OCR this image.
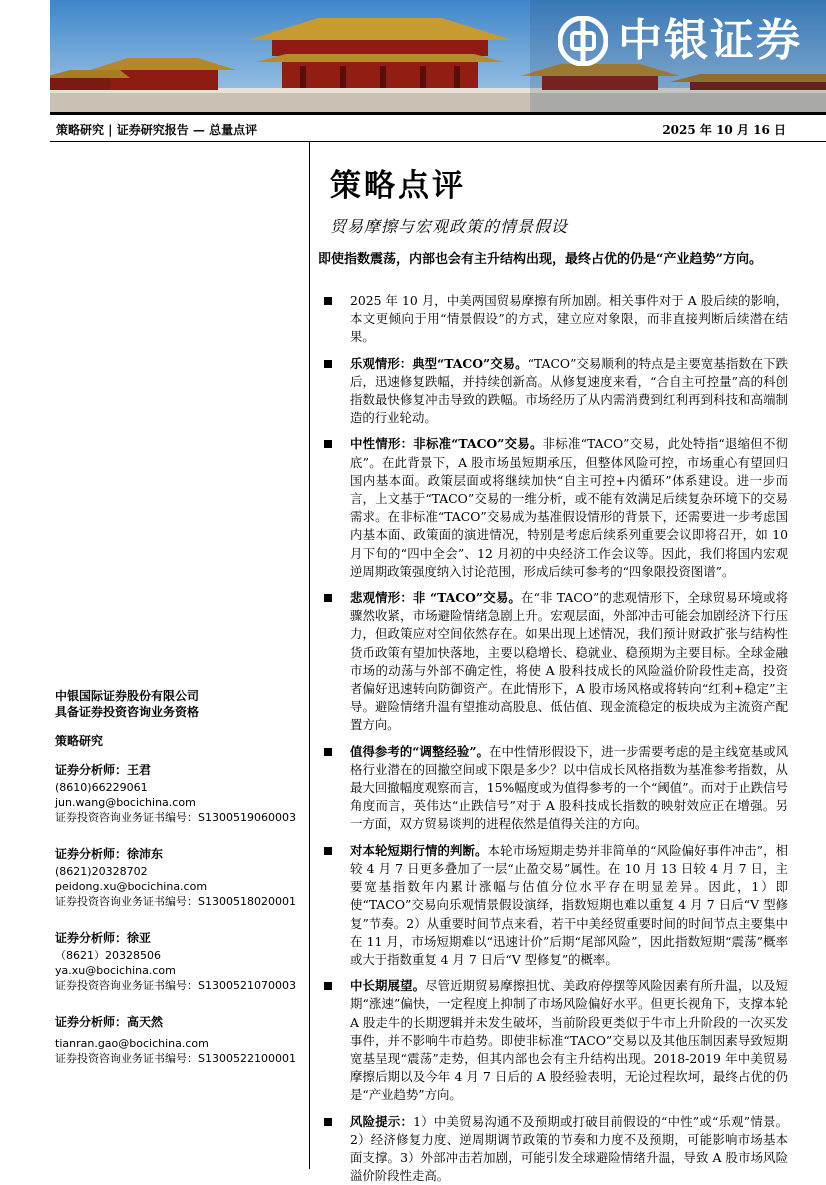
中银证券
策略研究 | 证券研究报告 — 总量点评	2025 年 10 月 16 日
策略点评
贸易摩擦与宏观政策的情景假设
即使指数震荡，内部也会有主升结构出现，最终占优的仍是“产业趋势”方向。
2025 年 10 月，中美两国贸易摩擦有所加剧。相关事件对于 A 股后续的影响，本文更倾向于用“情景假设”的方式，建立应对象限，而非直接判断后续潜在结果。
乐观情形：典型“TACO”交易。“TACO”交易顺利的特点是主要宽基指数在下跌后，迅速修复跌幅，并持续创新高。从修复速度来看，“合自主可控量”高的科创指数最快修复冲击导致的跌幅。市场经历了从内需消费到红利再到科技和高端制造的行业轮动。
中性情形：非标准“TACO”交易。非标准“TACO”交易，此处特指“退缩但不彻底”。在此背景下，A 股市场虽短期承压，但整体风险可控，市场重心有望回归国内基本面。政策层面或将继续加快“自主可控+内循环”体系建设。进一步而言，上文基于“TACO”交易的一维分析，或不能有效满足后续复杂环境下的交易需求。在非标准“TACO”交易成为基准假设情形的背景下，还需要进一步考虑国内基本面、政策面的演进情况，特别是考虑后续系列重要会议即将召开，如 10 月下旬的“四中全会”、12 月初的中央经济工作会议等。因此，我们将国内宏观逆周期政策强度纳入讨论范围，形成后续可参考的“四象限投资图谱”。
悲观情形：非 “TACO”交易。在“非 TACO”的悲观情形下，全球贸易环境或将骤然收紧，市场避险情绪急剧上升。宏观层面，外部冲击可能会加剧经济下行压力，但政策应对空间依然存在。如果出现上述情况，我们预计财政扩张与结构性货币政策有望加快落地，主要以稳增长、稳就业、稳预期为主要目标。全球金融市场的动荡与外部不确定性，将使 A 股科技成长的风险溢价阶段性走高，投资者偏好迅速转向防御资产。在此情形下，A 股市场风格或将转向“红利+稳定”主导。避险情绪升温有望推动高股息、低估值、现金流稳定的板块成为主流资产配置方向。
值得参考的“调整经验”。在中性情形假设下，进一步需要考虑的是主线宽基或风格行业潜在的回撤空间或下限是多少？以中信成长风格指数为基准参考指数，从最大回撤幅度观察而言，15%幅度或为值得参考的一个“阈值”。而对于止跌信号角度而言，英伟达“止跌信号”对于 A 股科技成长指数的映射效应正在增强。另一方面，双方贸易谈判的进程依然是值得关注的方向。
对本轮短期行情的判断。本轮市场短期走势并非简单的“风险偏好事件冲击”，相较 4 月 7 日更多叠加了一层“止盈交易”属性。在 10 月 13 日较 4 月 7 日，主要宽基指数年内累计涨幅与估值分位水平存在明显差异。因此，1）即使“TACO”交易向乐观情景假设演绎，指数短期也难以重复 4 月 7 日后“V 型修复”节奏。2）从重要时间节点来看，若干中美经贸重要时间的时间节点主要集中在 11 月，市场短期难以“迅速计价”后期“尾部风险”，因此指数短期“震荡”概率或大于指数重复 4 月 7 日后“V 型修复”的概率。
中长期展望。尽管近期贸易摩擦担忧、美政府停摆等风险因素有所升温，以及短期“涨速”偏快，一定程度上抑制了市场风险偏好水平。但更长视角下，支撑本轮 A 股走牛的长期逻辑并未发生破坏，当前阶段更类似于牛市上升阶段的一次买发事件，并不影响牛市趋势。即使非标准“TACO”交易以及其他压制因素导致短期宽基呈现“震荡”走势，但其内部也会有主升结构出现。2018-2019 年中美贸易摩擦后期以及今年 4 月 7 日后的 A 股经验表明，无论过程坎坷，最终占优的仍是“产业趋势”方向。
风险提示：1）中美贸易沟通不及预期或打破目前假设的“中性”或“乐观”情景。2）经济修复力度、逆周期调节政策的节奏和力度不及预期，可能影响市场基本面支撑。3）外部冲击若加剧，可能引发全球避险情绪升温，导致 A 股市场风险溢价阶段性走高。
中银国际证券股份有限公司
具备证券投资咨询业务资格
策略研究
证券分析师：王君
(8610)66229061
jun.wang@bocichina.com
证券投资咨询业务证书编号：S1300519060003
证券分析师：徐沛东
(8621)20328702
peidong.xu@bocichina.com
证券投资咨询业务证书编号：S1300518020001
证券分析师：徐亚
（8621）20328506
ya.xu@bocichina.com
证券投资咨询业务证书编号：S1300521070003
证券分析师：高天然
tianran.gao@bocichina.com
证券投资咨询业务证书编号：S1300522100001
